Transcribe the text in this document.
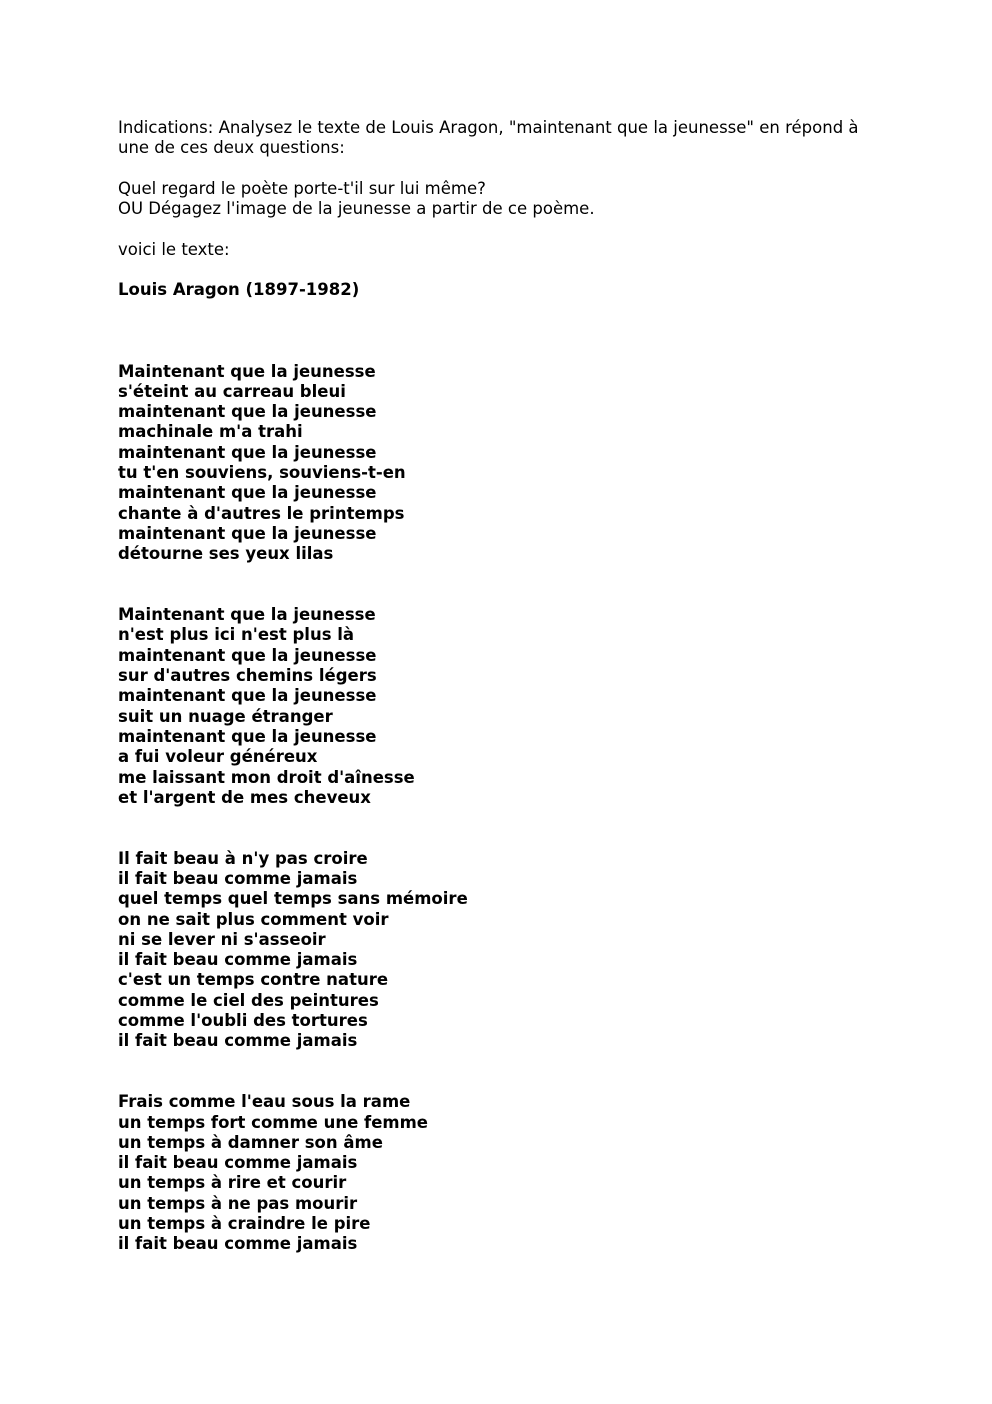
Indications: Analysez le texte de Louis Aragon, "maintenant que la jeunesse" en répond à
une de ces deux questions:
Quel regard le poète porte-t'il sur lui même?
OU Dégagez l'image de la jeunesse a partir de ce poème.
voici le texte:
Louis Aragon (1897-1982)
Maintenant que la jeunesse
s'éteint au carreau bleui
maintenant que la jeunesse
machinale m'a trahi
maintenant que la jeunesse
tu t'en souviens, souviens-t-en
maintenant que la jeunesse
chante à d'autres le printemps
maintenant que la jeunesse
détourne ses yeux lilas
Maintenant que la jeunesse
n'est plus ici n'est plus là
maintenant que la jeunesse
sur d'autres chemins légers
maintenant que la jeunesse
suit un nuage étranger
maintenant que la jeunesse
a fui voleur généreux
me laissant mon droit d'aînesse
et l'argent de mes cheveux
Il fait beau à n'y pas croire
il fait beau comme jamais
quel temps quel temps sans mémoire
on ne sait plus comment voir
ni se lever ni s'asseoir
il fait beau comme jamais
c'est un temps contre nature
comme le ciel des peintures
comme l'oubli des tortures
il fait beau comme jamais
Frais comme l'eau sous la rame
un temps fort comme une femme
un temps à damner son âme
il fait beau comme jamais
un temps à rire et courir
un temps à ne pas mourir
un temps à craindre le pire
il fait beau comme jamais
